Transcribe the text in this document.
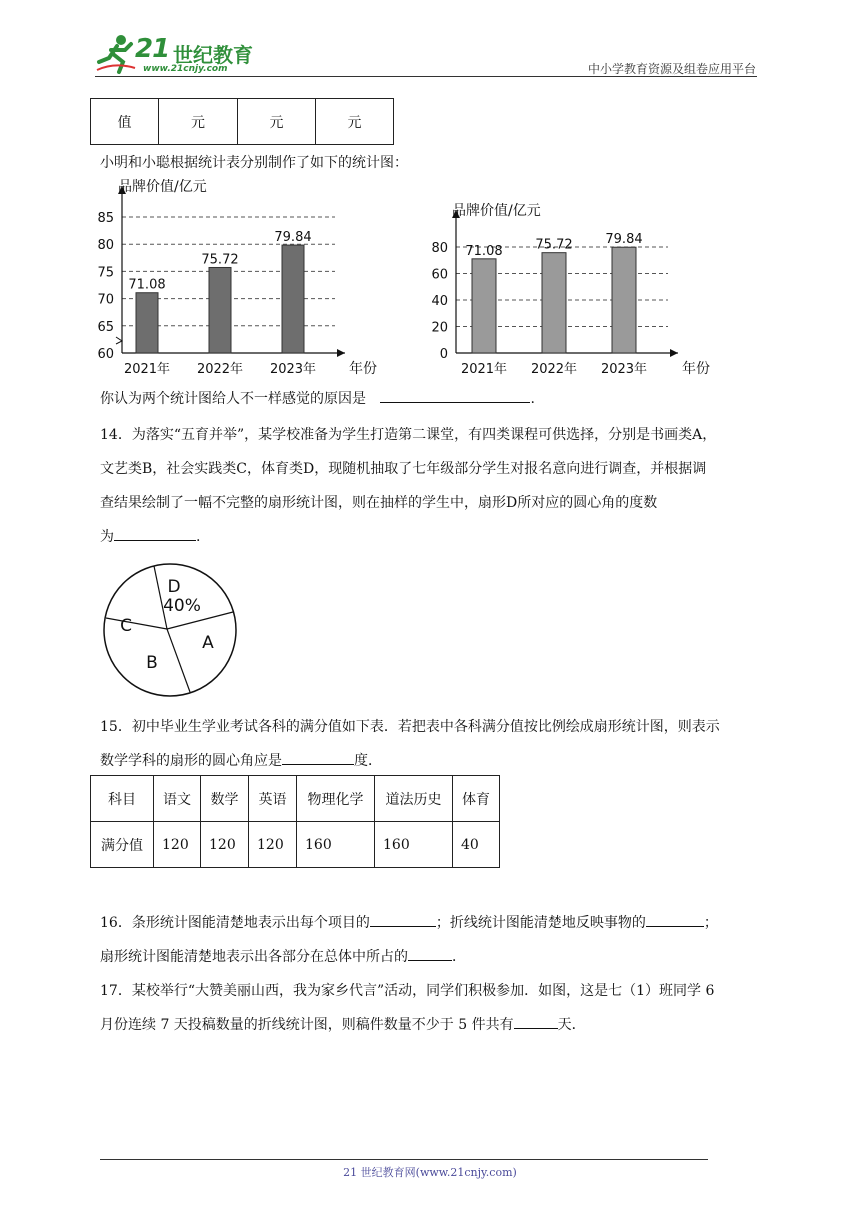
21 世纪教育
www.21cnjy.com	中小学教育资源及组卷应用平台
值	元	元	元
小明和小聪根据统计表分别制作了如下的统计图：
60
65
70
75
80
85
品牌价值/亿元
年份
71.08
2021年
75.72
2022年
79.84
2023年
0
20
40
60
80
品牌价值/亿元
年份
71.08
2021年
75.72
2022年
79.84
2023年
你认为两个统计图给人不一样感觉的原因是	.
14．为落实“五育并举”，某学校准备为学生打造第二课堂，有四类课程可供选择，分别是书画类A，
文艺类B，社会实践类C，体育类D，现随机抽取了七年级部分学生对报名意向进行调查，并根据调
查结果绘制了一幅不完整的扇形统计图，则在抽样的学生中，扇形D所对应的圆心角的度数
为	.
D
40%
A
B
C
15．初中毕业生学业考试各科的满分值如下表．若把表中各科满分值按比例绘成扇形统计图，则表示
数学学科的扇形的圆心角应是	度．
科目	语文	数学	英语	物理化学	道法历史	体育
满分值	120	120	120	160	160	40
16．条形统计图能清楚地表示出每个项目的	；折线统计图能清楚地反映事物的	；
扇形统计图能清楚地表示出各部分在总体中所占的	．
17．某校举行“大赞美丽山西，我为家乡代言”活动，同学们积极参加．如图，这是七（1）班同学 6
月份连续 7 天投稿数量的折线统计图，则稿件数量不少于 5 件共有	天．
21 世纪教育网(www.21cnjy.com)
